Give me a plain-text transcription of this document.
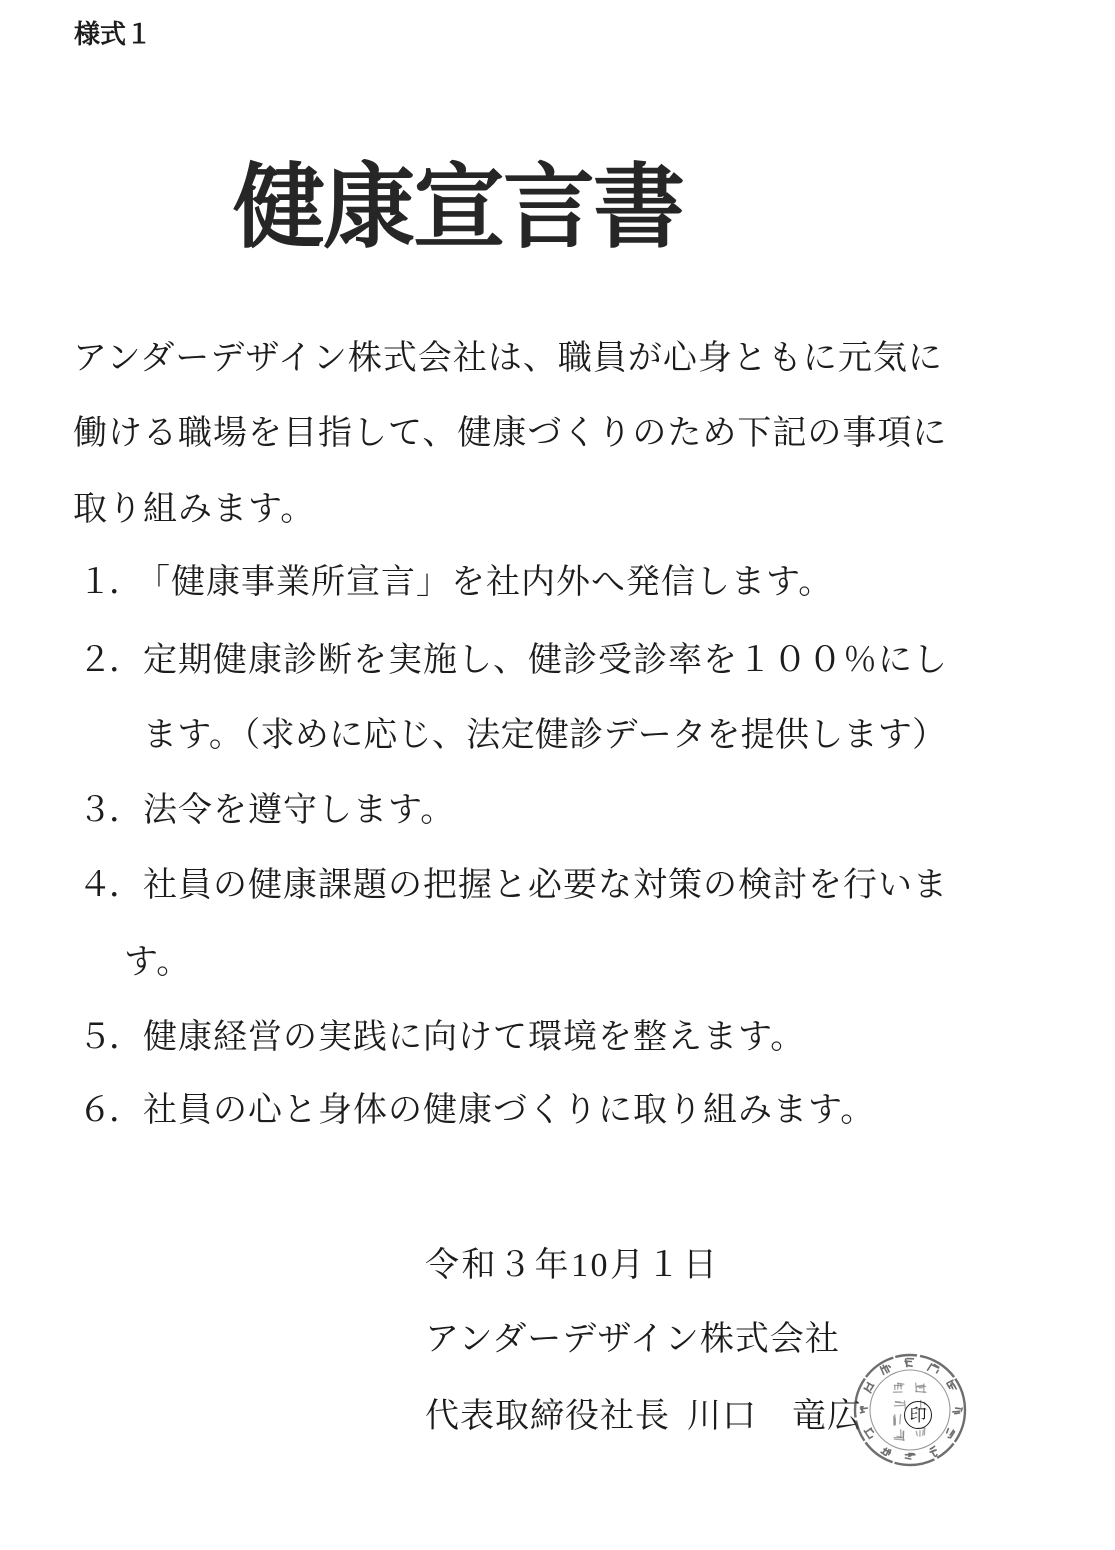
様式１
健康宣言書

アンダーデザイン株式会社は、職員が心身ともに元気に

働ける職場を目指して、健康づくりのため下記の事項に

取り組みます。

１．
「健康事業所宣言」を社内外へ発信します。
２． 定期健康診断を実施し、健診受診率を１００％にし
ます。（求めに応じ、法定健診データを提供します）
３． 法令を遵守します。
４． 社員の健康課題の把握と必要な対策の検討を行いま
す。
５． 健康経営の実践に向けて環境を整えます。
６． 社員の心と身体の健康づくりに取り組みます。
令和３年10月１日
アンダーデザイン株式会社
代表取締役社長 川口　竜広	印
